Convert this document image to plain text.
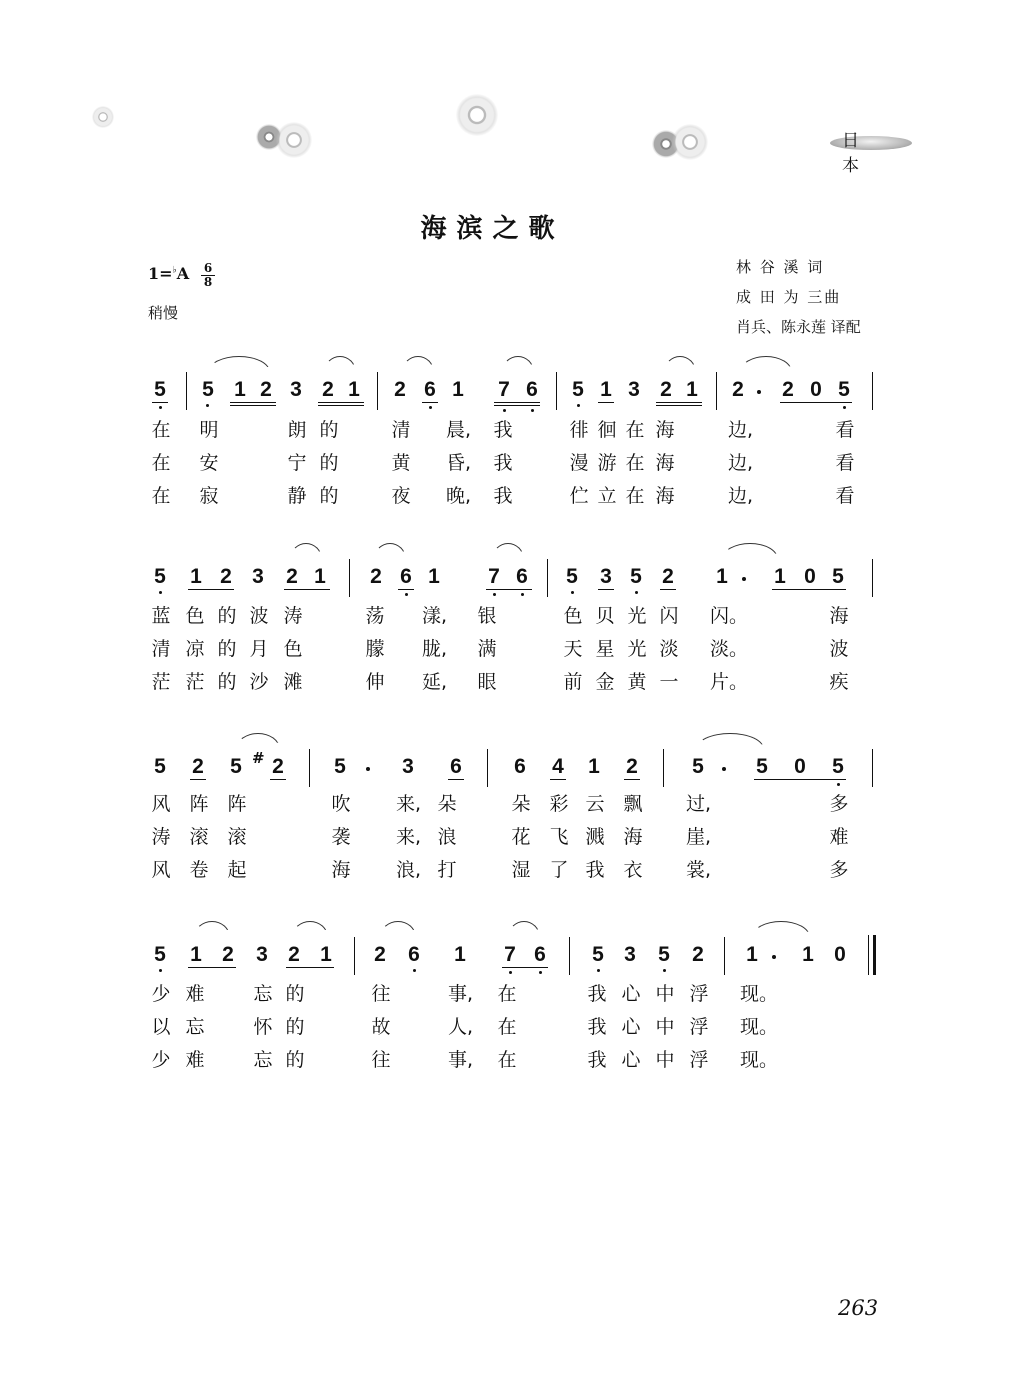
日本
海滨之歌
$1=^♭A \frac{6}{8}$
稍慢
林 谷 溪 词
成 田 为 三曲
肖兵、陈永莲 译配
5 5 1 2 3 2 1 2 6 1 7 6 5 1 3 2 1 2 2 0 5
在 明	朗 的	清 晨,	我	徘 徊 在 海	边,	看
在 安	宁 的	黄 昏,	我	漫 游 在 海	边,	看
在 寂	静 的	夜 晚,	我	伫 立 在 海	边,	看
5 1 2 3 2 1 2 6 1 7 6 5 3 5 2 1 1 0 5
蓝 色 的 波 涛	荡 漾,	银	色 贝 光 闪 闪。	海
清 凉 的 月 色	朦 胧,	满	天 星 光 淡 淡。	波
茫 茫 的 沙 滩	伸 延,	眼	前 金 黄 一 片。	疾
5 2 5 # 2 5	3 6 6 4 1 2	5 5 0 5
风 阵 阵	吹 来, 朵	朵 彩 云 飘 过,	多
涛 滚 滚	袭 来, 浪	花 飞 溅 海 崖,	难
风 卷 起	海 浪, 打	湿 了 我 衣 裳,	多
5 1 2 3 2 1 2 6 1 7 6 5 3 5 2 1 1 0
少 难	忘 的	往	事,	在	我 心 中 浮 现。
以 忘	怀 的	故	人,	在	我 心 中 浮 现。
少 难	忘 的	往	事,	在	我 心 中 浮 现。
263
